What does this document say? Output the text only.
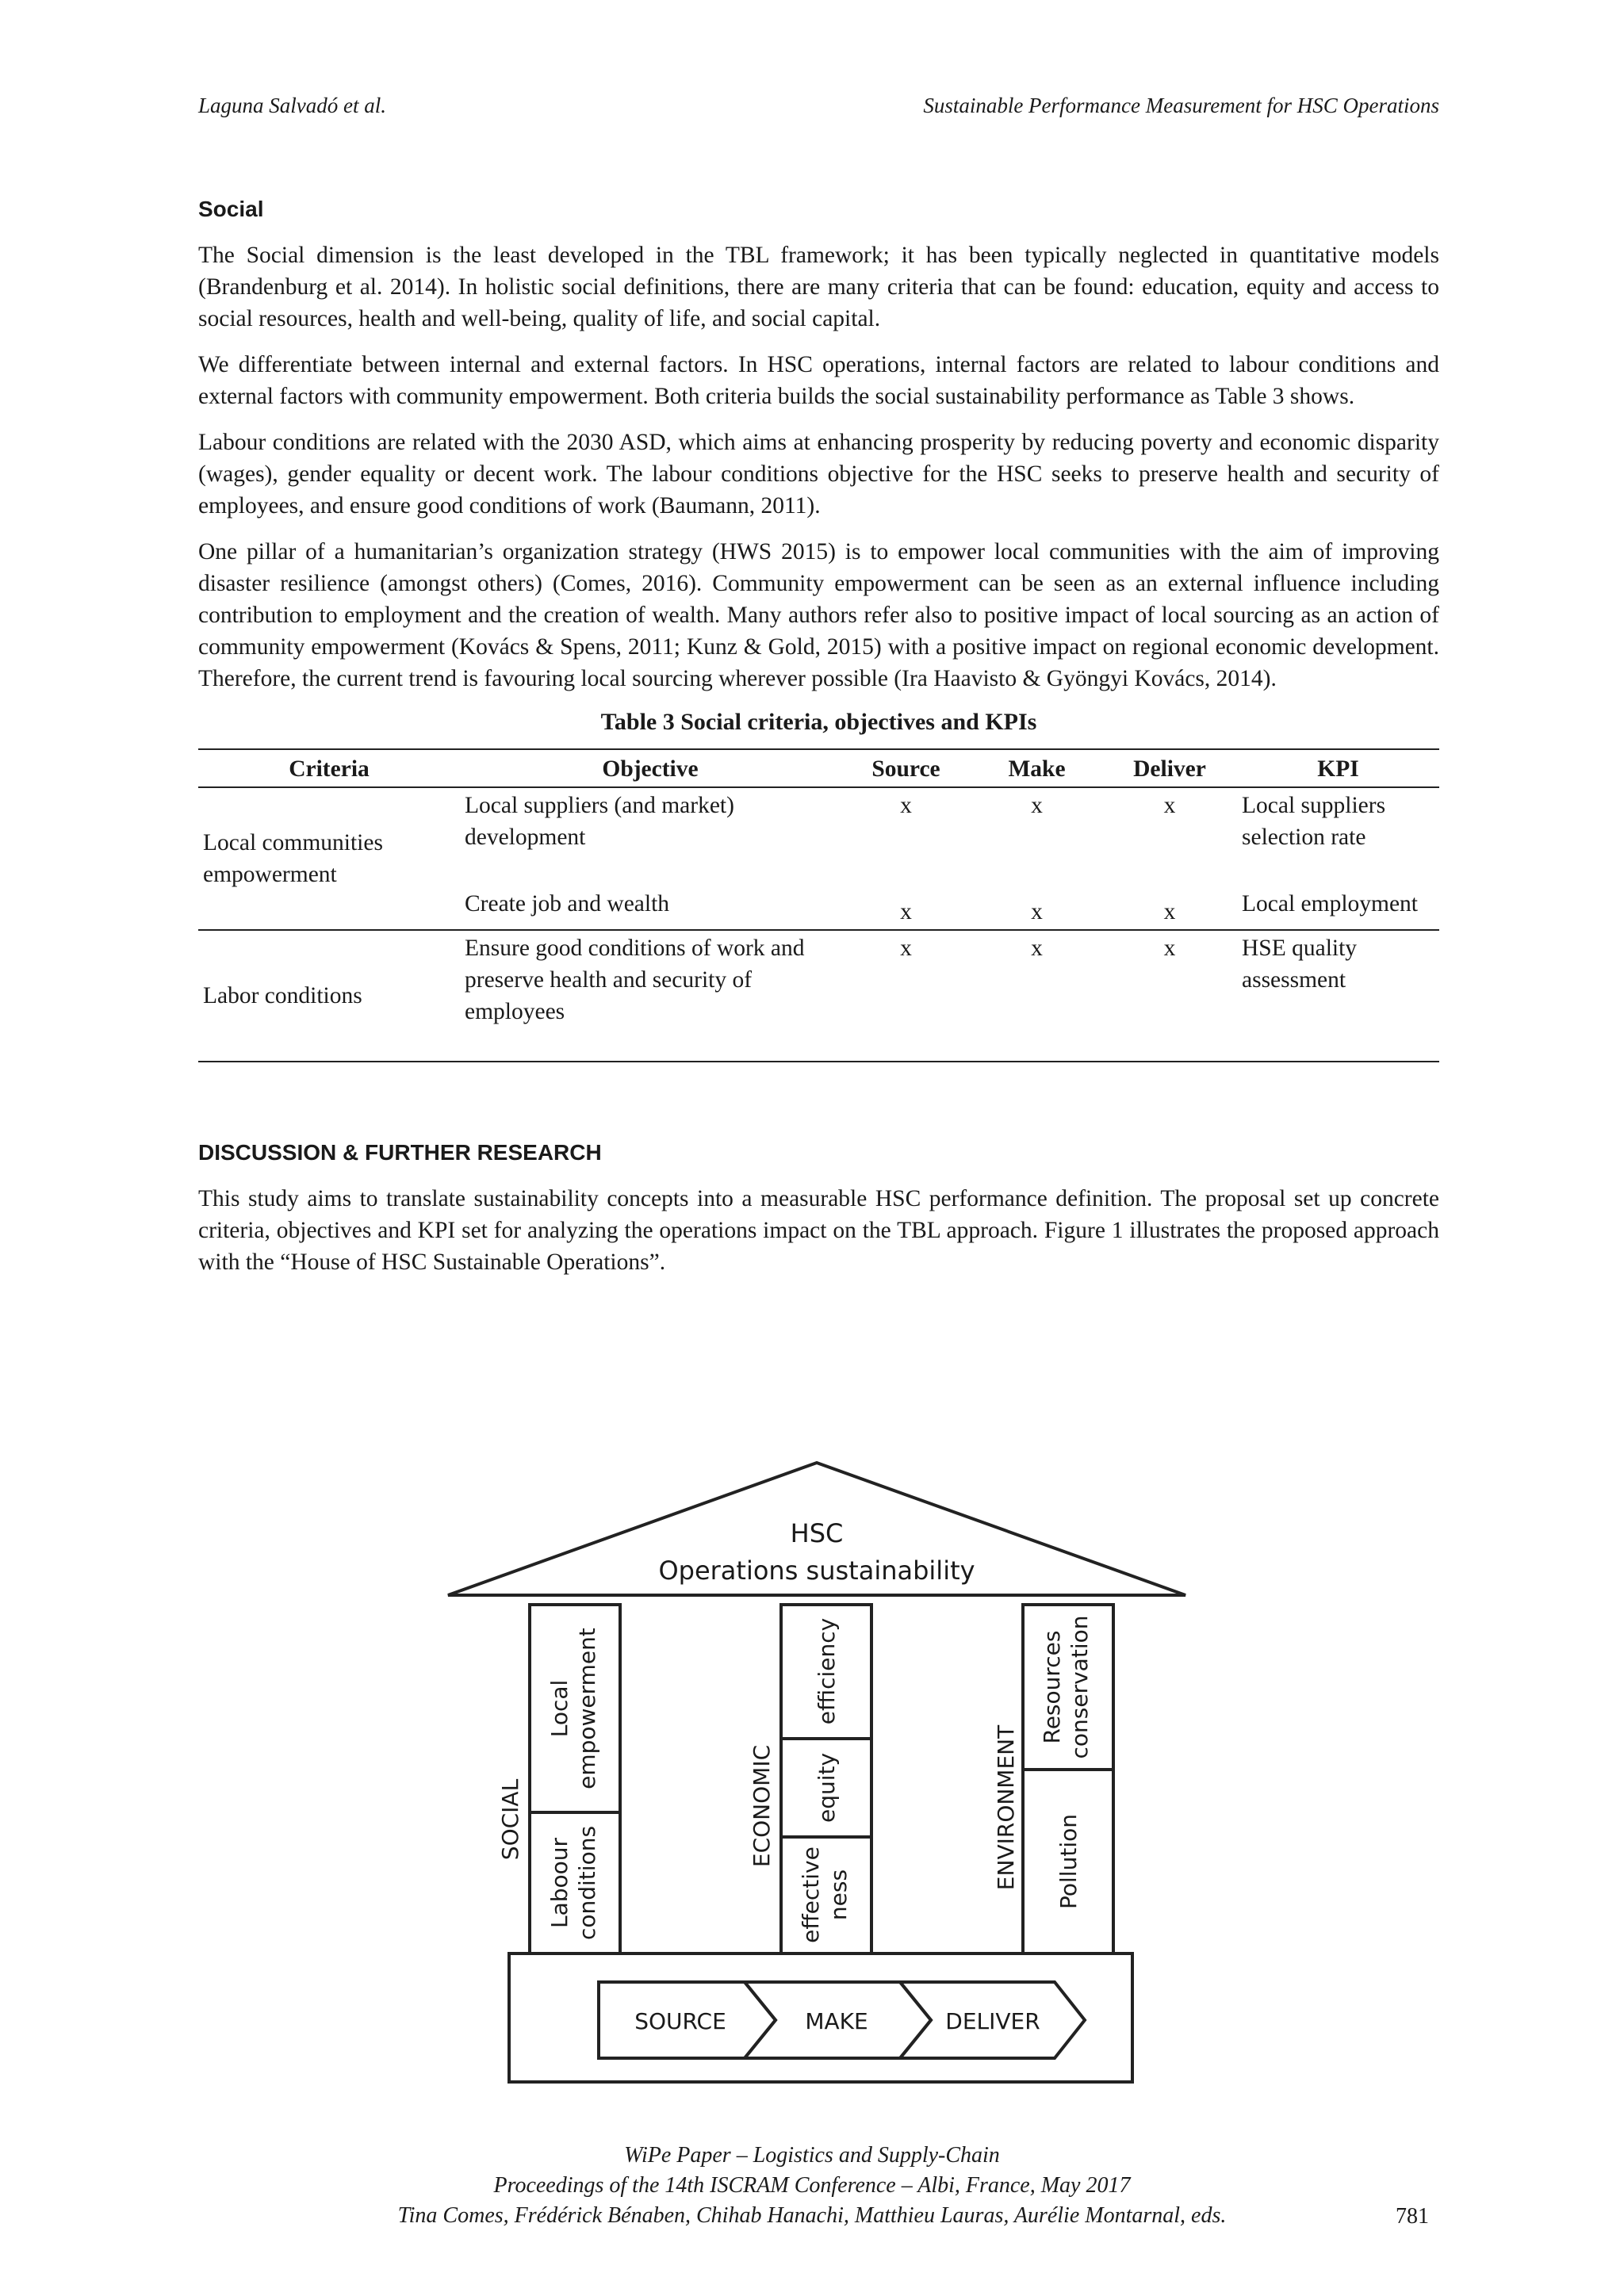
Laguna Salvadó et al.	Sustainable Performance Measurement for HSC Operations
Social

The Social dimension is the least developed in the TBL framework; it has been typically neglected in quantitative models (Brandenburg et al. 2014). In holistic social definitions, there are many criteria that can be found: education, equity and access to social resources, health and well-being, quality of life, and social capital.

We differentiate between internal and external factors. In HSC operations, internal factors are related to labour conditions and external factors with community empowerment. Both criteria builds the social sustainability performance as Table 3 shows.

Labour conditions are related with the 2030 ASD, which aims at enhancing prosperity by reducing poverty and economic disparity (wages), gender equality or decent work. The labour conditions objective for the HSC seeks to preserve health and security of employees, and ensure good conditions of work (Baumann, 2011).

One pillar of a humanitarian’s organization strategy (HWS 2015) is to empower local communities with the aim of improving disaster resilience (amongst others) (Comes, 2016). Community empowerment can be seen as an external influence including contribution to employment and the creation of wealth. Many authors refer also to positive impact of local sourcing as an action of community empowerment (Kovács & Spens, 2011; Kunz & Gold, 2015) with a positive impact on regional economic development. Therefore, the current trend is favouring local sourcing wherever possible (Ira Haavisto & Gyöngyi Kovács, 2014).

Table 3 Social criteria, objectives and KPIs
Criteria	Objective	Source	Make	Deliver	KPI
Local communities empowerment	Local suppliers (and market) development	x	x	x	Local suppliers selection rate
	Create job and wealth	x	x	x	Local employment
Labor conditions	Ensure good conditions of work and preserve health and security of employees	x	x	x	HSE quality assessment
DISCUSSION & FURTHER RESEARCH

This study aims to translate sustainability concepts into a measurable HSC performance definition. The proposal set up concrete criteria, objectives and KPI set for analyzing the operations impact on the TBL approach. Figure 1 illustrates the proposed approach with the “House of HSC Sustainable Operations”.

HSC
Operations sustainability
SOCIAL
Local empowerment
Laboour conditions
ECONOMIC
efficiency
equity
effective ness
ENVIRONMENT
Resources conservation
Pollution
SOURCE	MAKE	DELIVER
WiPe Paper – Logistics and Supply-Chain
Proceedings of the 14th ISCRAM Conference – Albi, France, May 2017
Tina Comes, Frédérick Bénaben, Chihab Hanachi, Matthieu Lauras, Aurélie Montarnal, eds.	781
